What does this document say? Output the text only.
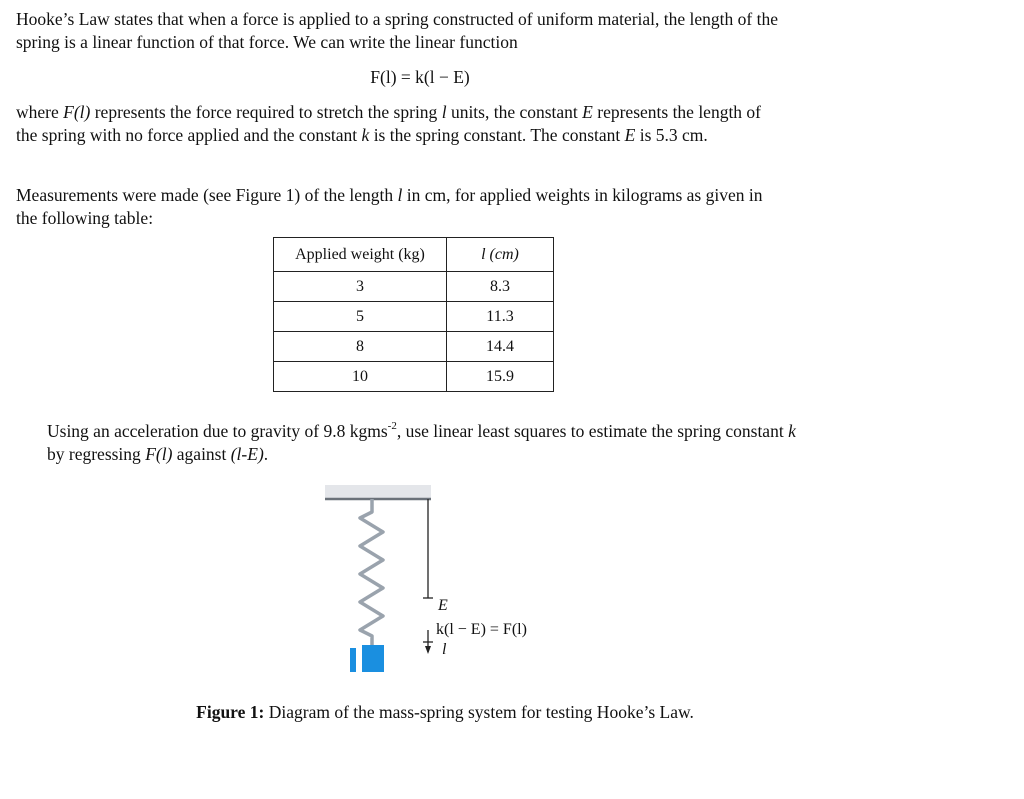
Hooke’s Law states that when a force is applied to a spring constructed of uniform material, the length of the
spring is a linear function of that force. We can write the linear function

F(l) = k(l − E)

where F(l) represents the force required to stretch the spring l units, the constant E represents the length of
the spring with no force applied and the constant k is the spring constant. The constant E is 5.3 cm.

Measurements were made (see Figure 1) of the length l in cm, for applied weights in kilograms as given in
the following table:

Applied weight (kg)	l (cm)
3	8.3
5	11.3
8	14.4
10	15.9

Using an acceleration due to gravity of 9.8 kgms$^{-2}$, use linear least squares to estimate the spring constant k
by regressing F(l) against (l-E).

E
k(l − E) = F(l)
l
Figure 1: Diagram of the mass-spring system for testing Hooke’s Law.
